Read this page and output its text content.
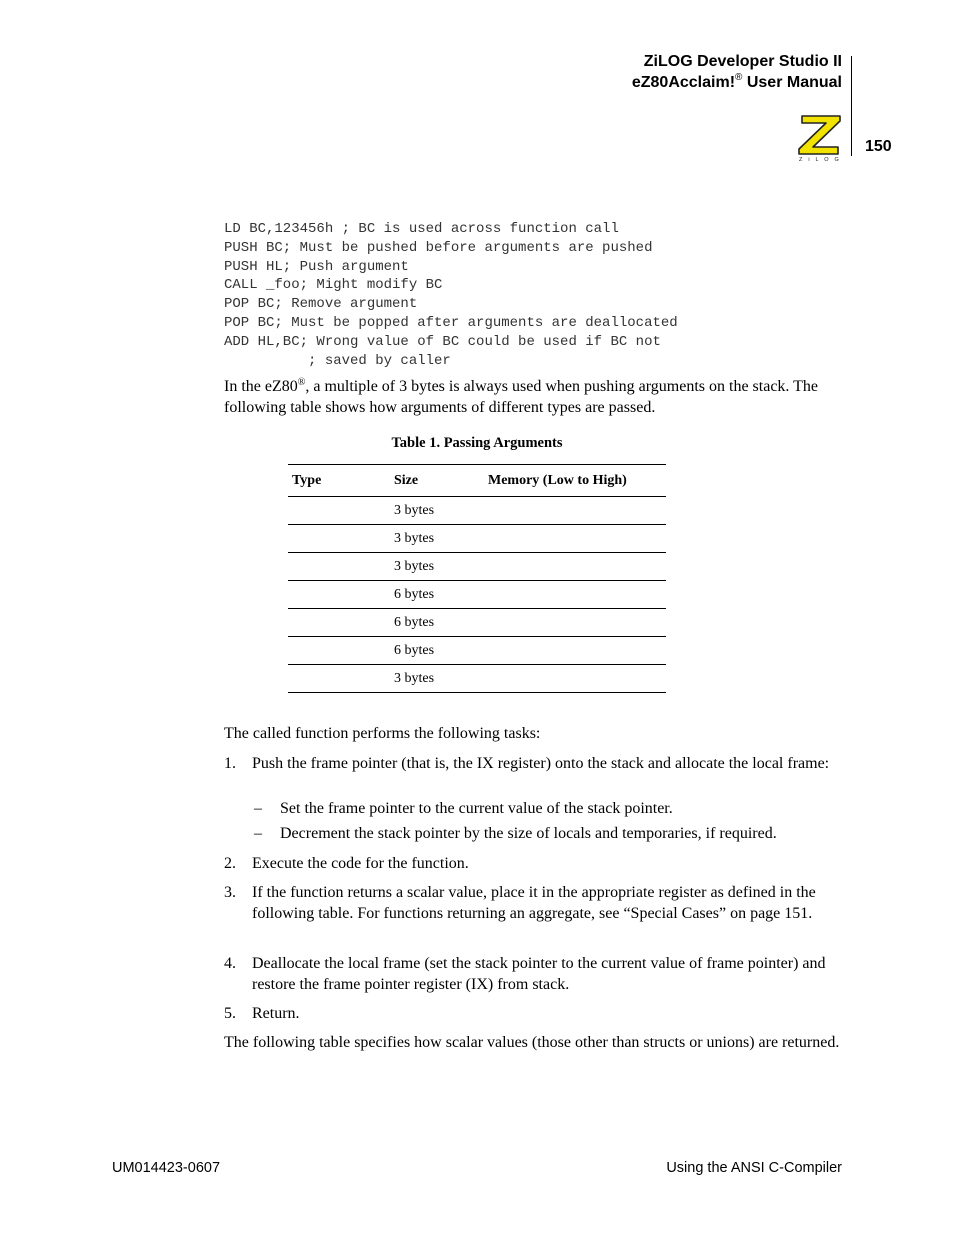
ZiLOG Developer Studio II
eZ80Acclaim!® User Manual
Z i L O G
150
LD BC,123456h ; BC is used across function call
PUSH BC; Must be pushed before arguments are pushed
PUSH HL; Push argument
CALL _foo; Might modify BC
POP BC; Remove argument
POP BC; Must be popped after arguments are deallocated
ADD HL,BC; Wrong value of BC could be used if BC not
; saved by caller
In the eZ80®, a multiple of 3 bytes is always used when pushing arguments on the stack. The following table shows how arguments of different types are passed.
Table 1. Passing Arguments
Type	Size	Memory (Low to High)
	3 bytes	
	3 bytes	
	3 bytes	
	6 bytes	
	6 bytes	
	6 bytes	
	3 bytes	
The called function performs the following tasks:
1. Push the frame pointer (that is, the IX register) onto the stack and allocate the local frame:
– Set the frame pointer to the current value of the stack pointer.
– Decrement the stack pointer by the size of locals and temporaries, if required.
2. Execute the code for the function.
3. If the function returns a scalar value, place it in the appropriate register as defined in the following table. For functions returning an aggregate, see “Special Cases” on page 151.
4. Deallocate the local frame (set the stack pointer to the current value of frame pointer) and restore the frame pointer register (IX) from stack.
5. Return.
The following table specifies how scalar values (those other than structs or unions) are returned.
UM014423-0607	Using the ANSI C-Compiler
